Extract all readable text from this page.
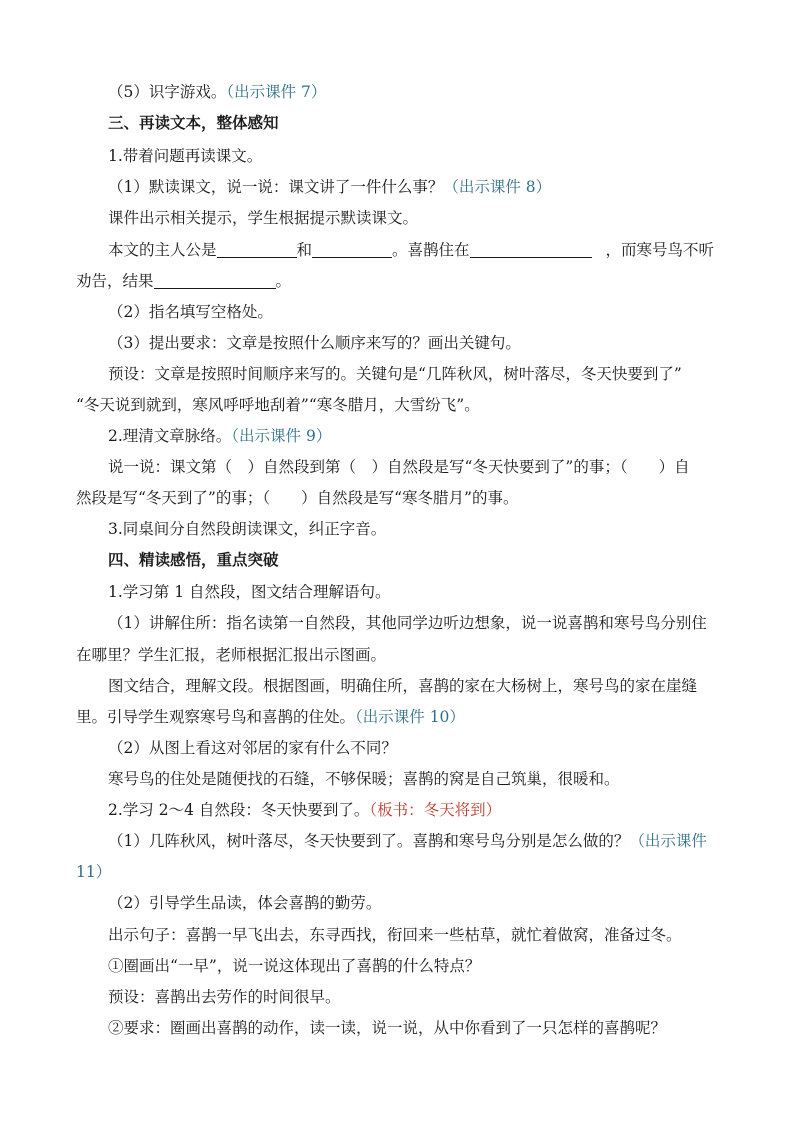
（5）识字游戏。（出示课件 7）
三、再读文本，整体感知
1.带着问题再读课文。
（1）默读课文，说一说：课文讲了一件什么事？（出示课件 8）
课件出示相关提示，学生根据提示默读课文。
本文的主人公是	和	。喜鹊住在	，而寒号鸟不听
劝告，结果	。
（2）指名填写空格处。
（3）提出要求：文章是按照什么顺序来写的？画出关键句。
预设：文章是按照时间顺序来写的。关键句是“几阵秋风，树叶落尽，冬天快要到了”
“冬天说到就到，寒风呼呼地刮着”“寒冬腊月，大雪纷飞”。
2.理清文章脉络。（出示课件 9）
说一说：课文第（　）自然段到第（　）自然段是写“冬天快要到了”的事；（　　）自
然段是写“冬天到了”的事；（　　）自然段是写“寒冬腊月”的事。
3.同桌间分自然段朗读课文，纠正字音。
四、精读感悟，重点突破
1.学习第 1 自然段，图文结合理解语句。
（1）讲解住所：指名读第一自然段，其他同学边听边想象，说一说喜鹊和寒号鸟分别住
在哪里？学生汇报，老师根据汇报出示图画。
图文结合，理解文段。根据图画，明确住所，喜鹊的家在大杨树上，寒号鸟的家在崖缝
里。引导学生观察寒号鸟和喜鹊的住处。（出示课件 10）
（2）从图上看这对邻居的家有什么不同？
寒号鸟的住处是随便找的石缝，不够保暖；喜鹊的窝是自己筑巢，很暖和。
2.学习 2～4 自然段：冬天快要到了。（板书：冬天将到）
（1）几阵秋风，树叶落尽，冬天快要到了。喜鹊和寒号鸟分别是怎么做的？（出示课件
11）
（2）引导学生品读，体会喜鹊的勤劳。
出示句子：喜鹊一早飞出去，东寻西找，衔回来一些枯草，就忙着做窝，准备过冬。
①圈画出“一早”，说一说这体现出了喜鹊的什么特点？
预设：喜鹊出去劳作的时间很早。
②要求：圈画出喜鹊的动作，读一读，说一说，从中你看到了一只怎样的喜鹊呢？
